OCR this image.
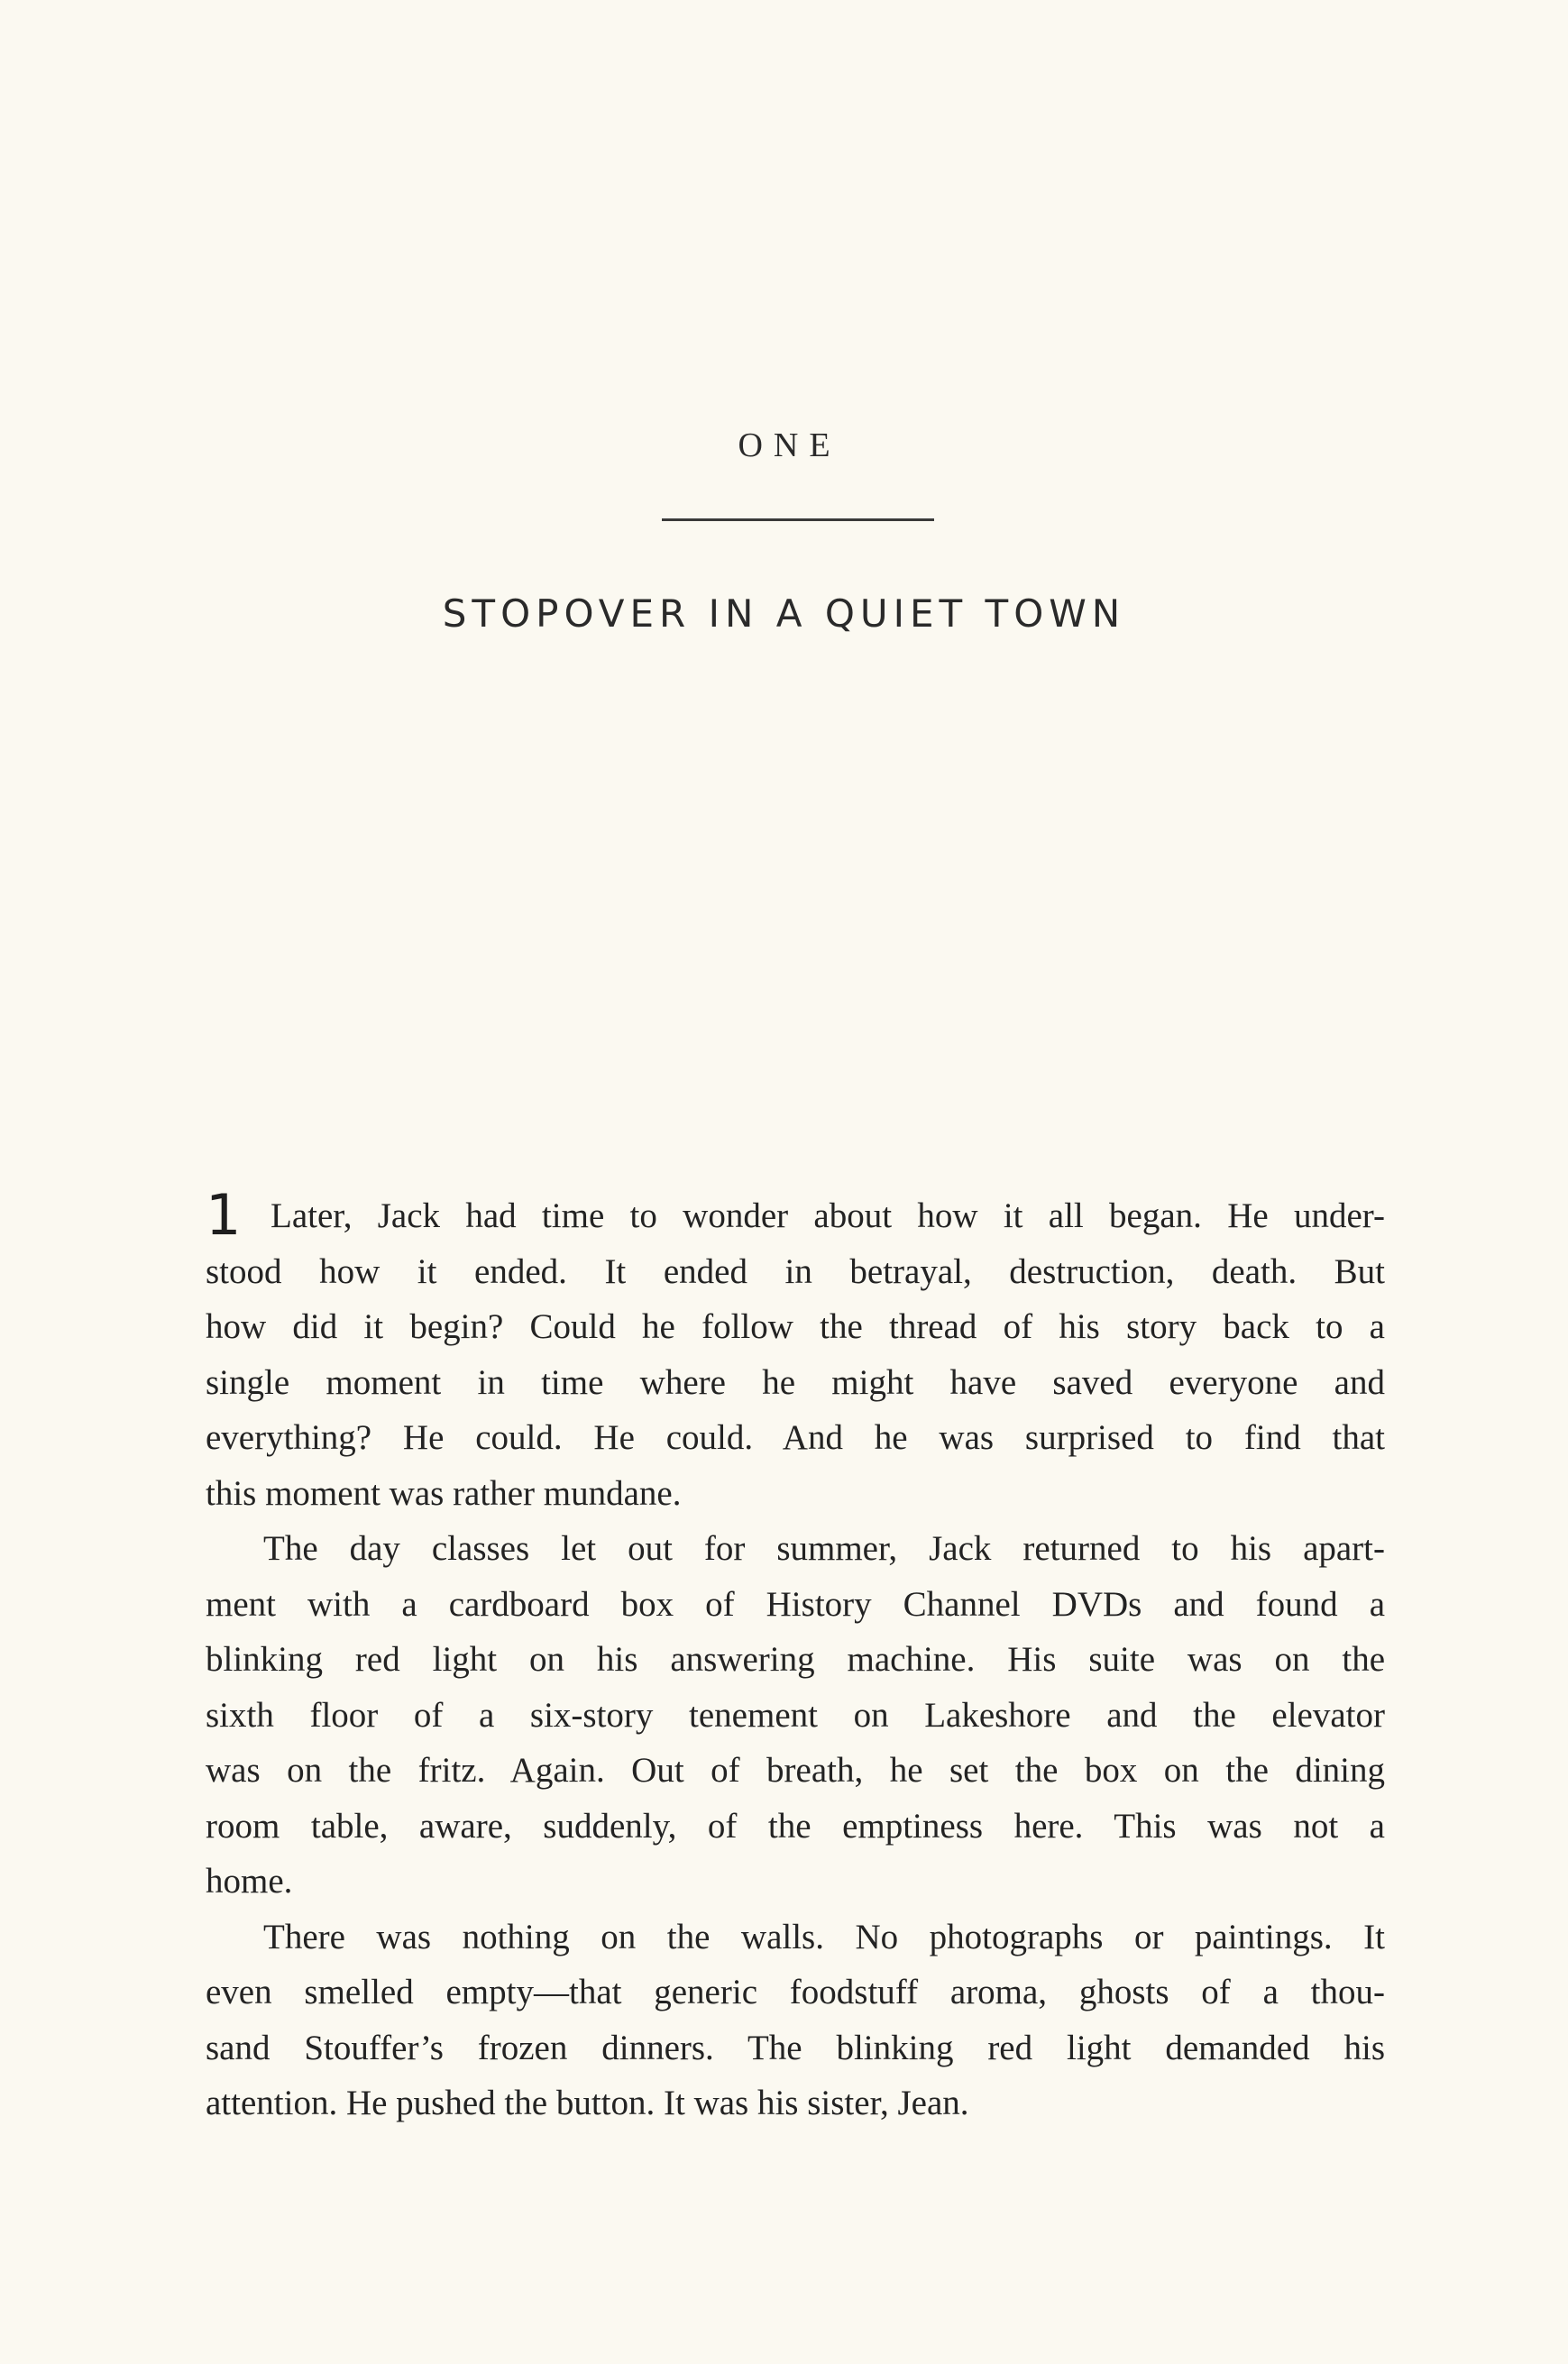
ONE
STOPOVER IN A QUIET TOWN
1 Later, Jack had time to wonder about how it all began. He under-
stood how it ended. It ended in betrayal, destruction, death. But
how did it begin? Could he follow the thread of his story back to a
single moment in time where he might have saved everyone and
everything? He could. He could. And he was surprised to find that
this moment was rather mundane.
The day classes let out for summer, Jack returned to his apart-
ment with a cardboard box of History Channel DVDs and found a
blinking red light on his answering machine. His suite was on the
sixth floor of a six-story tenement on Lakeshore and the elevator
was on the fritz. Again. Out of breath, he set the box on the dining
room table, aware, suddenly, of the emptiness here. This was not a
home.
There was nothing on the walls. No photographs or paintings. It
even smelled empty—that generic foodstuff aroma, ghosts of a thou-
sand Stouffer’s frozen dinners. The blinking red light demanded his
attention. He pushed the button. It was his sister, Jean.
